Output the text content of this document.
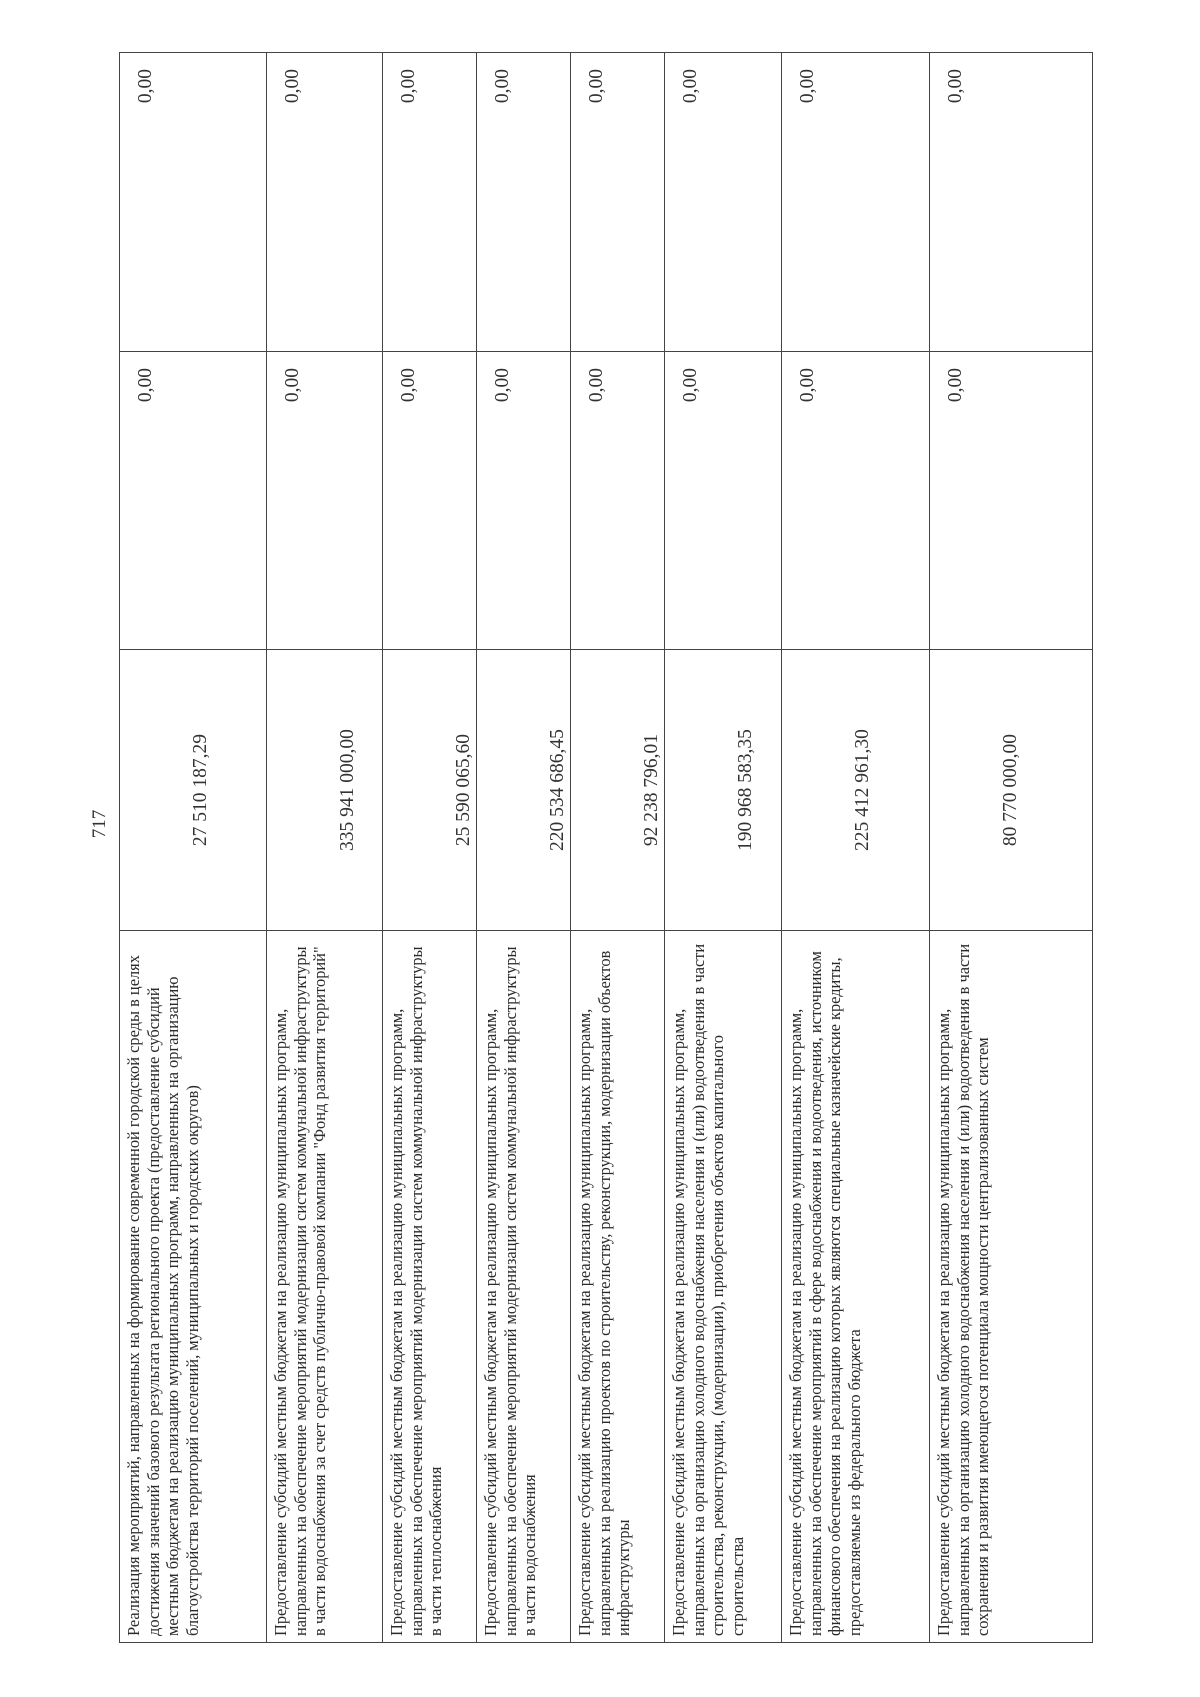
717
Реализация мероприятий, направленных на формирование современной городской среды в целях достижения значений базового результата регионального проекта (предоставление субсидий местным бюджетам на реализацию муниципальных программ, направленных на организацию благоустройства территорий поселений, муниципальных и городских округов)	27 510 187,29	0,00	0,00
Предоставление субсидий местным бюджетам на реализацию муниципальных программ, направленных на обеспечение мероприятий модернизации систем коммунальной инфраструктуры в части водоснабжения за счет средств публично-правовой компании "Фонд развития территорий"	335 941 000,00	0,00	0,00
Предоставление субсидий местным бюджетам на реализацию муниципальных программ, направленных на обеспечение мероприятий модернизации систем коммунальной инфраструктуры в части теплоснабжения	25 590 065,60	0,00	0,00
Предоставление субсидий местным бюджетам на реализацию муниципальных программ, направленных на обеспечение мероприятий модернизации систем коммунальной инфраструктуры в части водоснабжения	220 534 686,45	0,00	0,00
Предоставление субсидий местным бюджетам на реализацию муниципальных программ, направленных на реализацию проектов по строительству, реконструкции, модернизации объектов инфраструктуры	92 238 796,01	0,00	0,00
Предоставление субсидий местным бюджетам на реализацию муниципальных программ, направленных на организацию холодного водоснабжения населения и (или) водоотведения в части строительства, реконструкции, (модернизации), приобретения объектов капитального строительства	190 968 583,35	0,00	0,00
Предоставление субсидий местным бюджетам на реализацию муниципальных программ, направленных на обеспечение мероприятий в сфере водоснабжения и водоотведения, источником финансового обеспечения на реализацию которых являются специальные казначейские кредиты, предоставляемые из федерального бюджета	225 412 961,30	0,00	0,00
Предоставление субсидий местным бюджетам на реализацию муниципальных программ, направленных на организацию холодного водоснабжения населения и (или) водоотведения в части сохранения и развития имеющегося потенциала мощности централизованных систем	80 770 000,00	0,00	0,00
